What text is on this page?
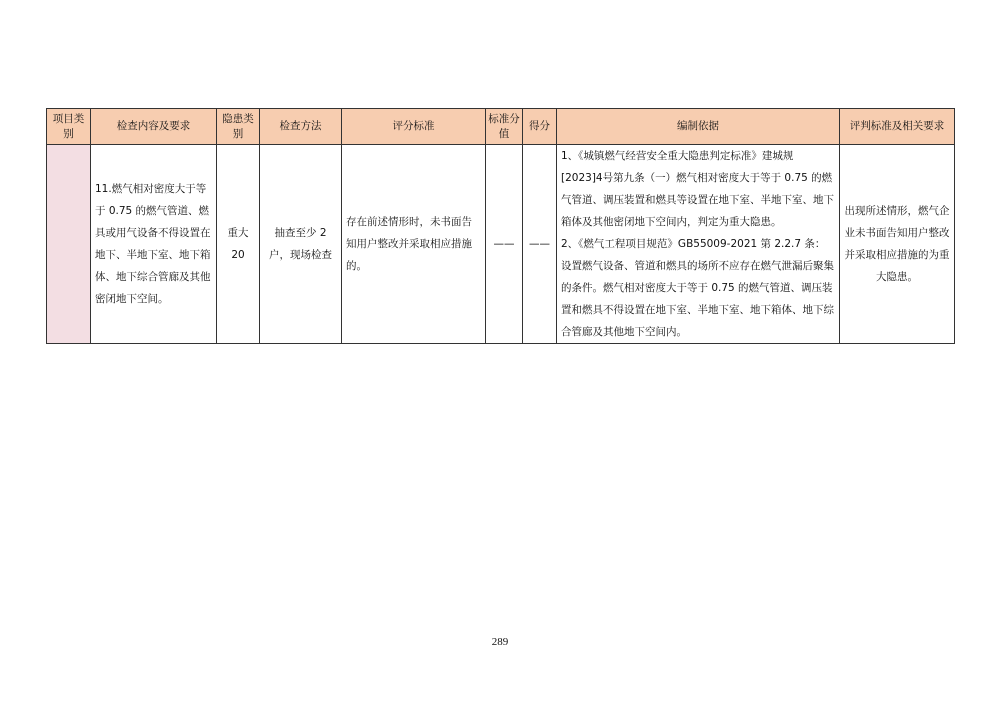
项目类别	检查内容及要求	隐患类别	检查方法	评分标准	标准分值	得分	编制依据	评判标准及相关要求
	11.燃气相对密度大于等于 0.75 的燃气管道、燃具或用气设备不得设置在地下、半地下室、地下箱体、地下综合管廊及其他密闭地下空间。	重大20	抽查至少 2 户，现场检查	存在前述情形时，未书面告知用户整改并采取相应措施的。	——	——	1、《城镇燃气经营安全重大隐患判定标准》建城规[2023]4号第九条（一）燃气相对密度大于等于 0.75 的燃气管道、调压装置和燃具等设置在地下室、半地下室、地下箱体及其他密闭地下空间内，判定为重大隐患。
2、《燃气工程项目规范》GB55009-2021 第 2.2.7 条：设置燃气设备、管道和燃具的场所不应存在燃气泄漏后聚集的条件。燃气相对密度大于等于 0.75 的燃气管道、调压装置和燃具不得设置在地下室、半地下室、地下箱体、地下综合管廊及其他地下空间内。	出现所述情形，燃气企业未书面告知用户整改并采取相应措施的为重大隐患。
289
